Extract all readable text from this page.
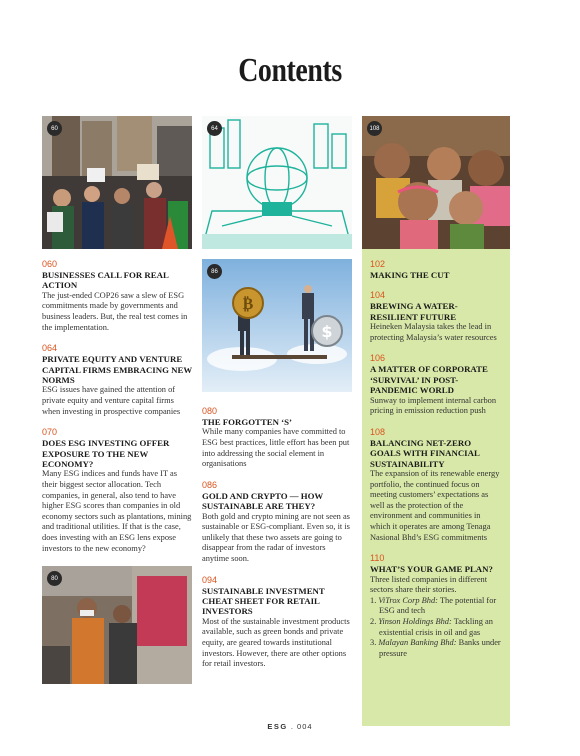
Contents
60
060
BUSINESSES CALL FOR REAL ACTION
The just-ended COP26 saw a slew of ESG commitments made by governments and business leaders. But, the real test comes in the implementation.
064
PRIVATE EQUITY AND VENTURE CAPITAL FIRMS EMBRACING NEW NORMS
ESG issues have gained the attention of private equity and venture capital firms when investing in prospective companies
070
DOES ESG INVESTING OFFER EXPOSURE TO THE NEW ECONOMY?
Many ESG indices and funds have IT as their biggest sector allocation. Tech companies, in general, also tend to have higher ESG scores than companies in old economy sectors such as plantations, mining and traditional utilities. If that is the case, does investing with an ESG lens expose investors to the new economy?
80
64
₿
$
86
080
THE FORGOTTEN ‘S’
While many companies have committed to ESG best practices, little effort has been put into addressing the social element in organisations
086
GOLD AND CRYPTO — HOW SUSTAINABLE ARE THEY?
Both gold and crypto mining are not seen as sustainable or ESG-compliant. Even so, it is unlikely that these two assets are going to disappear from the radar of investors anytime soon.
094
SUSTAINABLE INVESTMENT CHEAT SHEET FOR RETAIL INVESTORS
Most of the sustainable investment products available, such as green bonds and private equity, are geared towards institutional investors. However, there are other options for retail investors.
108
102
MAKING THE CUT
104
BREWING A WATER-RESILIENT FUTURE
Heineken Malaysia takes the lead in protecting Malaysia’s water resources
106
A MATTER OF CORPORATE ‘SURVIVAL’ IN POST-PANDEMIC WORLD
Sunway to implement internal carbon pricing in emission reduction push
108
BALANCING NET-ZERO GOALS WITH FINANCIAL SUSTAINABILITY
The expansion of its renewable energy portfolio, the continued focus on meeting customers’ expectations as well as the protection of the environment and communities in which it operates are among Tenaga Nasional Bhd’s ESG commitments
110
WHAT’S YOUR GAME PLAN?
Three listed companies in different sectors share their stories.
1. ViTrox Corp Bhd: The potential for ESG and tech
2. Yinson Holdings Bhd: Tackling an existential crisis in oil and gas
3. Malayan Banking Bhd: Banks under pressure
ESG . 004
